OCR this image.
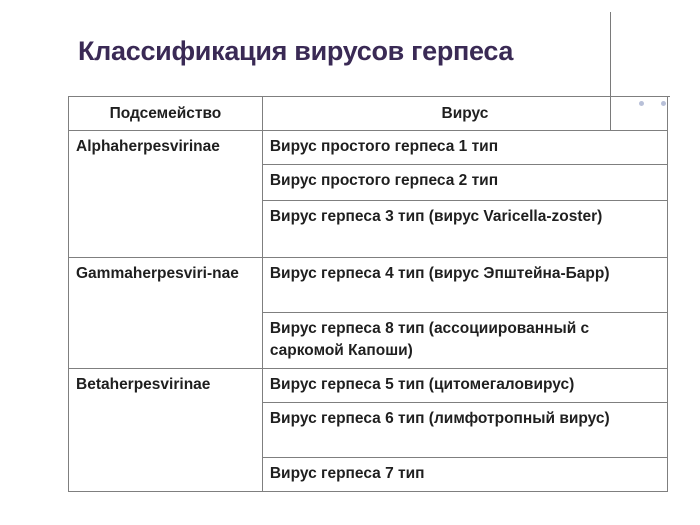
Классификация вирусов герпеса
Подсемейство	Вирус
Alphaherpesvirinae	Вирус простого герпеса 1 тип
	Вирус простого герпеса 2 тип
	Вирус герпеса 3 тип (вирус Varicella-zoster)
Gammaherpesviri-nae	Вирус герпеса 4 тип (вирус Эпштейна-Барр)
	Вирус герпеса 8 тип (ассоциированный с саркомой Капоши)
Betaherpesvirinae	Вирус герпеса 5 тип (цитомегаловирус)
	Вирус герпеса 6 тип (лимфотропный вирус)
	Вирус герпеса 7 тип
